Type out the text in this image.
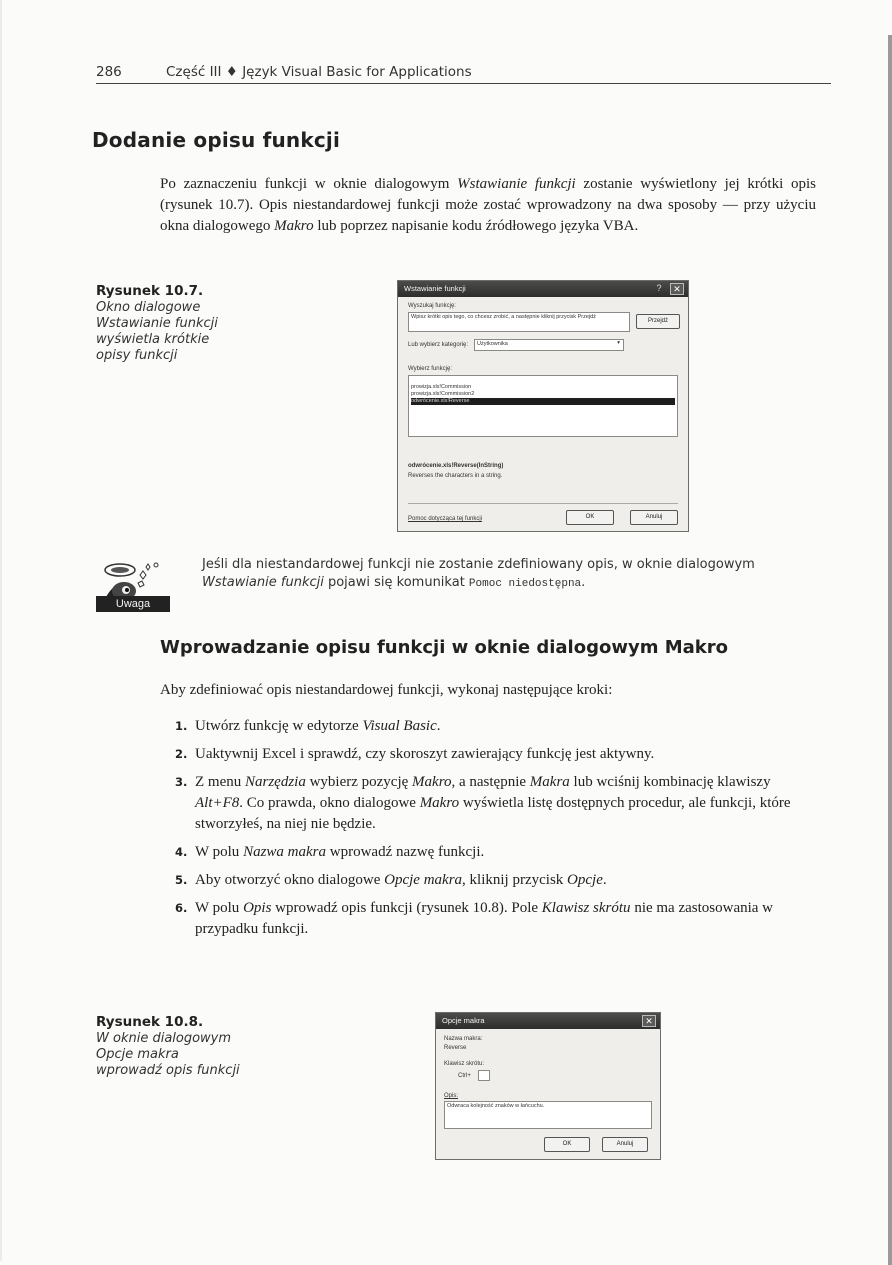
286	Część III ♦ Język Visual Basic for Applications
Dodanie opisu funkcji

Po zaznaczeniu funkcji w oknie dialogowym Wstawianie funkcji zostanie wyświetlony jej krótki opis (rysunek 10.7). Opis niestandardowej funkcji może zostać wprowadzony na dwa sposoby — przy użyciu okna dialogowego Makro lub poprzez napisanie kodu źródłowego języka VBA.

Rysunek 10.7.
Okno dialogowe
Wstawianie funkcji
wyświetla krótkie
opisy funkcji
Wstawianie funkcji	?	✕
Wyszukaj funkcję:
Wpisz krótki opis tego, co chcesz zrobić, a następnie kliknij przycisk Przejdź
Przejdź
Lub wybierz kategorię:	Użytkownika	▾
Wybierz funkcję:
prowizja.xls!Commission
prowizja.xls!Commission2
odwrócenie.xls!Reverse
odwrócenie.xls!Reverse(InString)
Reverses the characters in a string.
Pomoc dotycząca tej funkcji	OK	Anuluj
Uwaga
Jeśli dla niestandardowej funkcji nie zostanie zdefiniowany opis, w oknie dialogowym Wstawianie funkcji pojawi się komunikat Pomoc niedostępna.
Wprowadzanie opisu funkcji w oknie dialogowym Makro

Aby zdefiniować opis niestandardowej funkcji, wykonaj następujące kroki:

1. Utwórz funkcję w edytorze Visual Basic.
2. Uaktywnij Excel i sprawdź, czy skoroszyt zawierający funkcję jest aktywny.
3. Z menu Narzędzia wybierz pozycję Makro, a następnie Makra lub wciśnij kombinację klawiszy Alt+F8. Co prawda, okno dialogowe Makro wyświetla listę dostępnych procedur, ale funkcji, które stworzyłeś, na niej nie będzie.
4. W polu Nazwa makra wprowadź nazwę funkcji.
5. Aby otworzyć okno dialogowe Opcje makra, kliknij przycisk Opcje.
6. W polu Opis wprowadź opis funkcji (rysunek 10.8). Pole Klawisz skrótu nie ma zastosowania w przypadku funkcji.
Rysunek 10.8.
W oknie dialogowym
Opcje makra
wprowadź opis funkcji
Opcje makra	✕
Nazwa makra:
Reverse
Klawisz skrótu:
Ctrl+
Opis:
Odwraca kolejność znaków w łańcuchu.
OK	Anuluj
